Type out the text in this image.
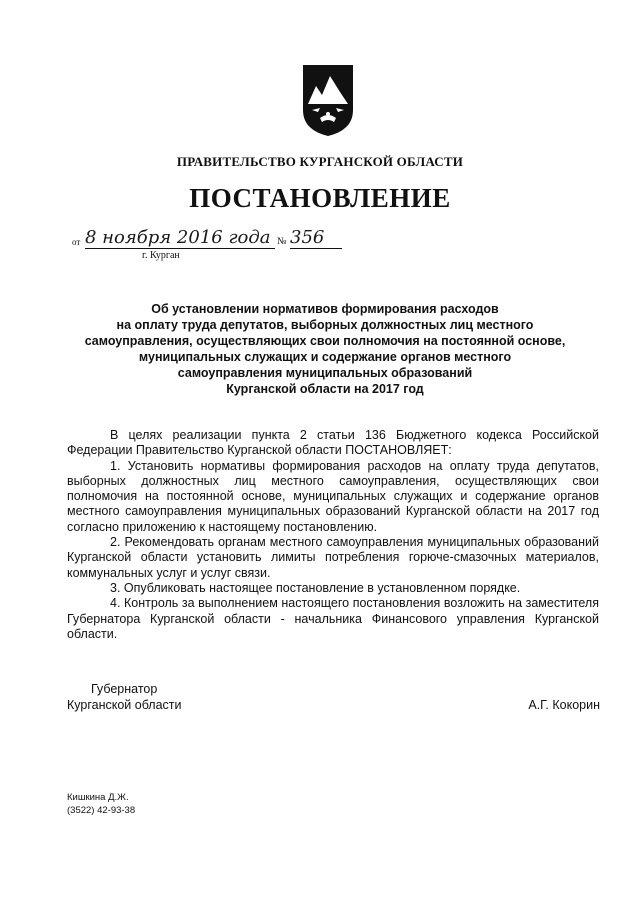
ПРАВИТЕЛЬСТВО КУРГАНСКОЙ ОБЛАСТИ
ПОСТАНОВЛЕНИЕ
от 8 ноября 2016 года № 356
г. Курган
Об установлении нормативов формирования расходов
на оплату труда депутатов, выборных должностных лиц местного
самоуправления, осуществляющих свои полномочия на постоянной основе,
муниципальных служащих и содержание органов местного
самоуправления муниципальных образований
Курганской области на 2017 год

В целях реализации пункта 2 статьи 136 Бюджетного кодекса Российской Федерации Правительство Курганской области ПОСТАНОВЛЯЕТ:

1. Установить нормативы формирования расходов на оплату труда депутатов, выборных должностных лиц местного самоуправления, осуществляющих свои полномочия на постоянной основе, муниципальных служащих и содержание органов местного самоуправления муниципальных образований Курганской области на 2017 год согласно приложению к настоящему постановлению.

2. Рекомендовать органам местного самоуправления муниципальных образований Курганской области установить лимиты потребления горюче-смазочных материалов, коммунальных услуг и услуг связи.

3. Опубликовать настоящее постановление в установленном порядке.

4. Контроль за выполнением настоящего постановления возложить на заместителя Губернатора Курганской области - начальника Финансового управления Курганской области.

Губернатор
Курганской области	А.Г. Кокорин
Кишкина Д.Ж.
(3522) 42-93-38
